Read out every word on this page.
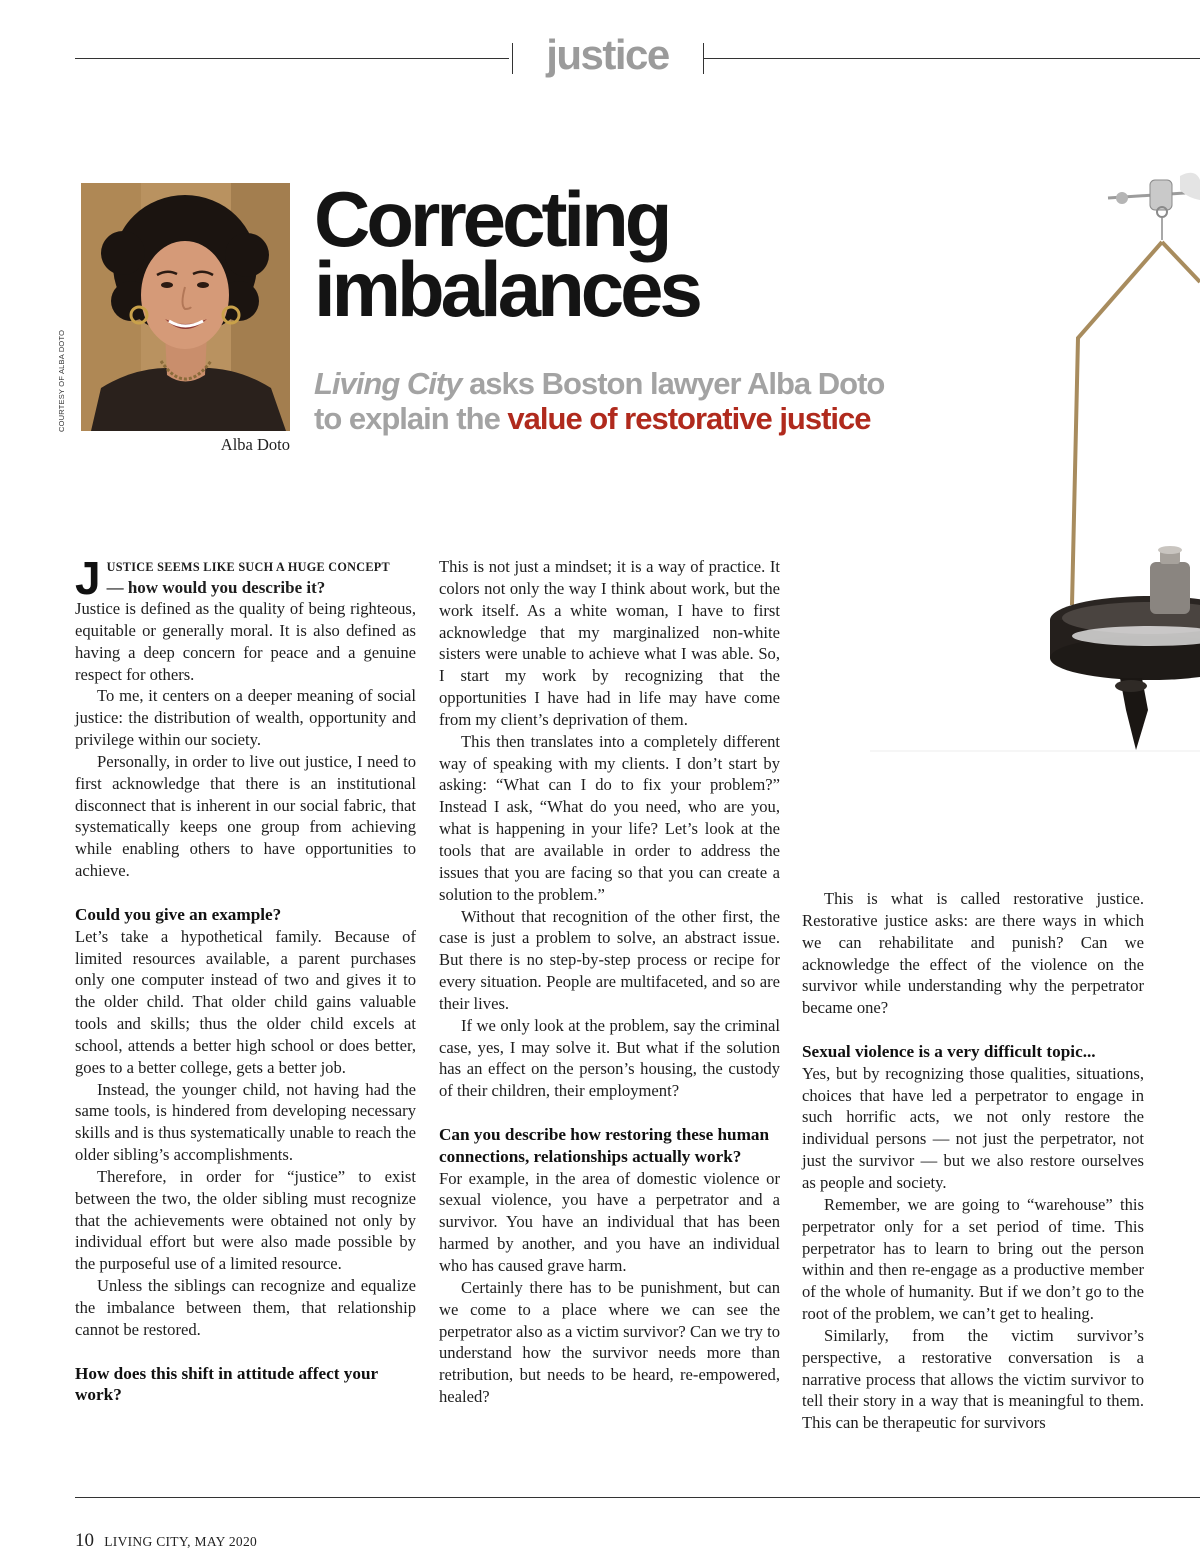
justice
COURTESY OF ALBA DOTO
Alba Doto
Correcting
imbalances
Living City asks Boston lawyer Alba Doto
to explain the value of restorative justice
J USTICE SEEMS LIKE SUCH A HUGE CONCEPT
— how would you describe it?

Justice is defined as the quality of being righteous, equitable or generally moral. It is also defined as having a deep concern for peace and a genuine respect for others.

To me, it centers on a deeper meaning of social justice: the distribution of wealth, opportunity and privilege within our society.

Personally, in order to live out justice, I need to first acknowledge that there is an institutional disconnect that is inherent in our social fabric, that systematically keeps one group from achieving while enabling others to have opportunities to achieve.

Could you give an example?

Let’s take a hypothetical family. Because of limited resources available, a parent purchases only one computer instead of two and gives it to the older child. That older child gains valuable tools and skills; thus the older child excels at school, attends a better high school or does better, goes to a better college, gets a better job.

Instead, the younger child, not having had the same tools, is hindered from developing necessary skills and is thus systematically unable to reach the older sibling’s accomplishments.

Therefore, in order for “justice” to exist between the two, the older sibling must recognize that the achievements were obtained not only by individual effort but were also made possible by the purposeful use of a limited resource.

Unless the siblings can recognize and equalize the imbalance between them, that relationship cannot be restored.

How does this shift in attitude affect your work?

This is not just a mindset; it is a way of practice. It colors not only the way I think about work, but the work itself. As a white woman, I have to first acknowledge that my marginalized non-white sisters were unable to achieve what I was able. So, I start my work by recognizing that the opportunities I have had in life may have come from my client’s deprivation of them.

This then translates into a completely different way of speaking with my clients. I don’t start by asking: “What can I do to fix your problem?” Instead I ask, “What do you need, who are you, what is happening in your life? Let’s look at the tools that are available in order to address the issues that you are facing so that you can create a solution to the problem.”

Without that recognition of the other first, the case is just a problem to solve, an abstract issue. But there is no step-by-step process or recipe for every situation. People are multifaceted, and so are their lives.

If we only look at the problem, say the criminal case, yes, I may solve it. But what if the solution has an effect on the person’s housing, the custody of their children, their employment?

Can you describe how restoring these human connections, relationships actually work?

For example, in the area of domestic violence or sexual violence, you have a perpetrator and a survivor. You have an individual that has been harmed by another, and you have an individual who has caused grave harm.

Certainly there has to be punishment, but can we come to a place where we can see the perpetrator also as a victim survivor? Can we try to understand how the survivor needs more than retribution, but needs to be heard, re-empowered, healed?

This is what is called restorative justice. Restorative justice asks: are there ways in which we can rehabilitate and punish? Can we acknowledge the effect of the violence on the survivor while understanding why the perpetrator became one?

Sexual violence is a very difficult topic...

Yes, but by recognizing those qualities, situations, choices that have led a perpetrator to engage in such horrific acts, we not only restore the individual persons — not just the perpetrator, not just the survivor — but we also restore ourselves as people and society.

Remember, we are going to “warehouse” this perpetrator only for a set period of time. This perpetrator has to learn to bring out the person within and then re-engage as a productive member of the whole of humanity. But if we don’t go to the root of the problem, we can’t get to healing.

Similarly, from the victim survivor’s perspective, a restorative conversation is a narrative process that allows the victim survivor to tell their story in a way that is meaningful to them. This can be therapeutic for survivors

10 LIVING CITY, MAY 2020
